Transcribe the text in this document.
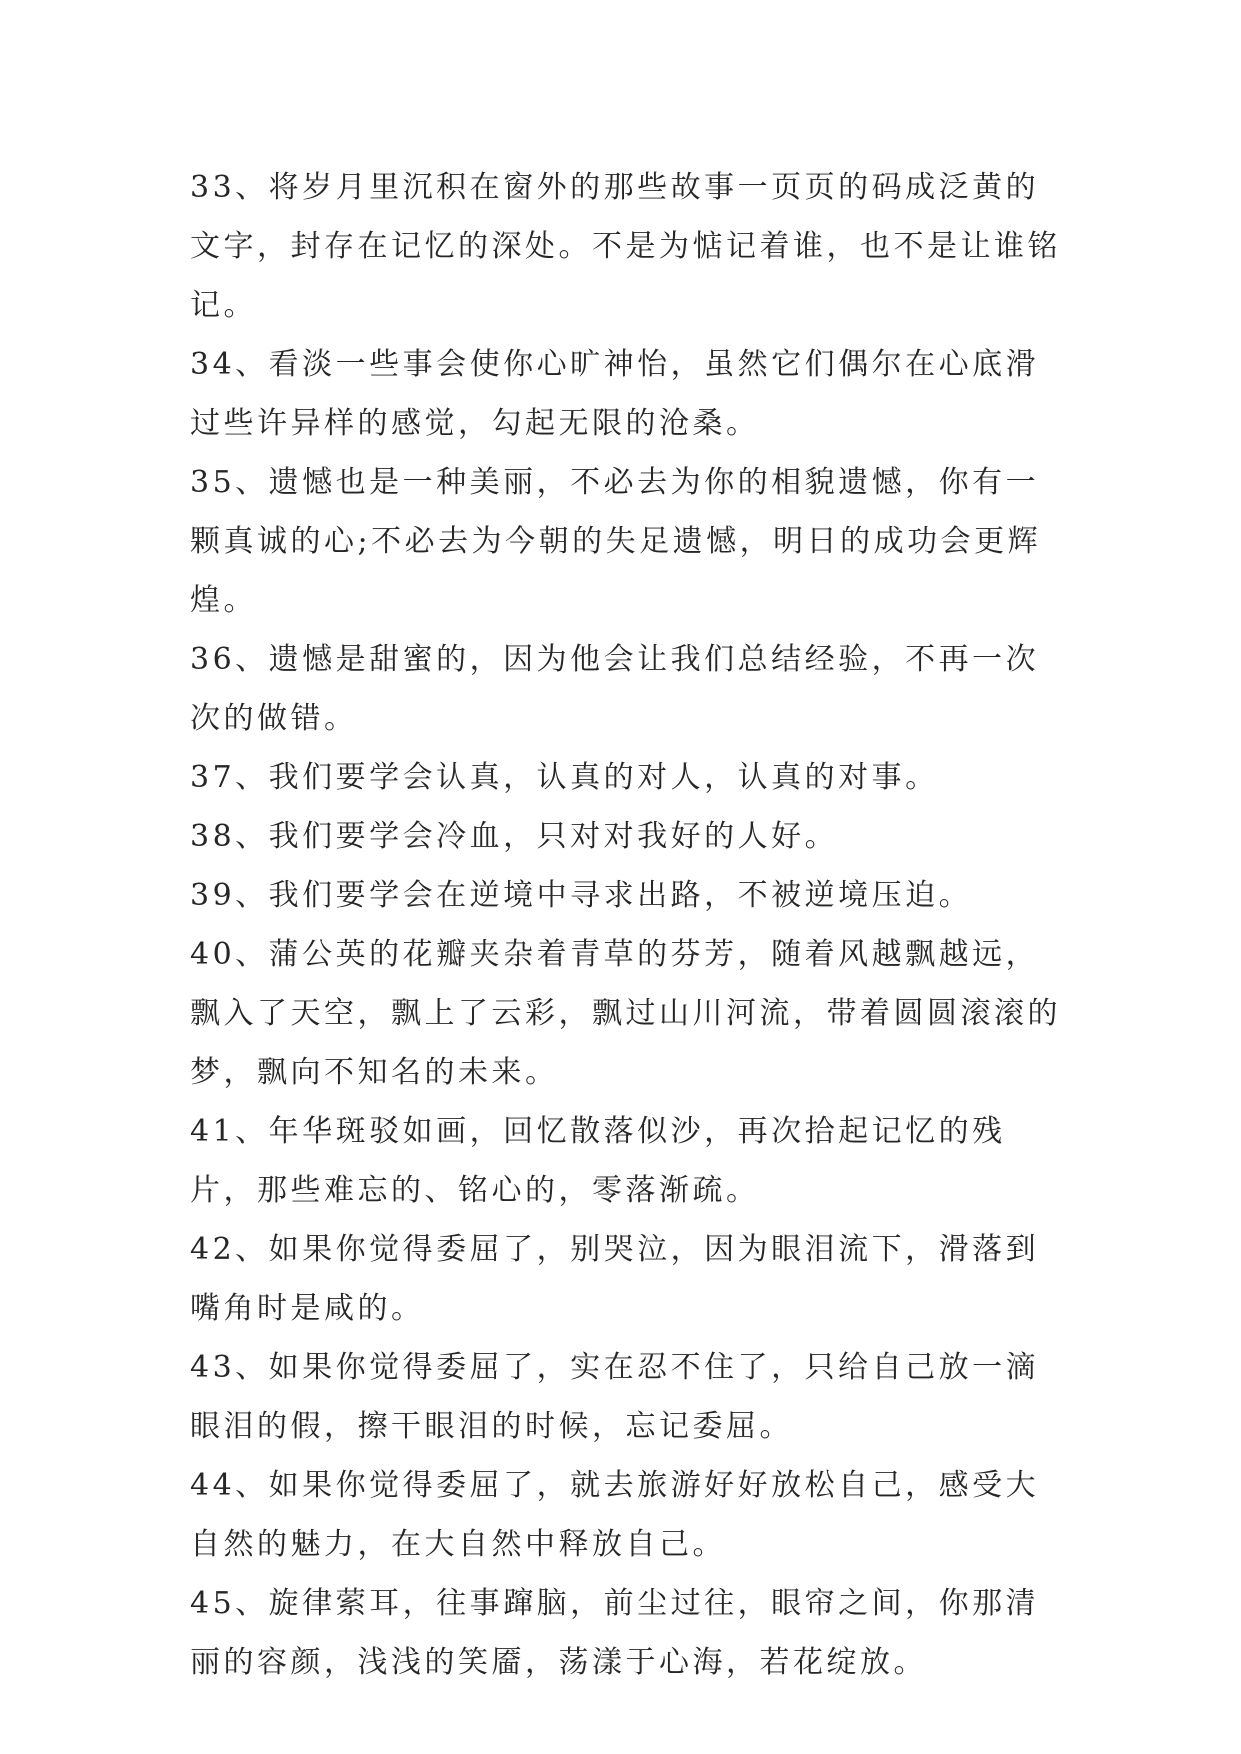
33、将岁月里沉积在窗外的那些故事一页页的码成泛黄的文字，封存在记忆的深处。不是为惦记着谁，也不是让谁铭记。

34、看淡一些事会使你心旷神怡，虽然它们偶尔在心底滑过些许异样的感觉，勾起无限的沧桑。

35、遗憾也是一种美丽，不必去为你的相貌遗憾，你有一颗真诚的心;不必去为今朝的失足遗憾，明日的成功会更辉煌。

36、遗憾是甜蜜的，因为他会让我们总结经验，不再一次次的做错。

37、我们要学会认真，认真的对人，认真的对事。

38、我们要学会冷血，只对对我好的人好。

39、我们要学会在逆境中寻求出路，不被逆境压迫。

40、蒲公英的花瓣夹杂着青草的芬芳，随着风越飘越远，飘入了天空，飘上了云彩，飘过山川河流，带着圆圆滚滚的梦，飘向不知名的未来。

41、年华斑驳如画，回忆散落似沙，再次拾起记忆的残片，那些难忘的、铭心的，零落渐疏。

42、如果你觉得委屈了，别哭泣，因为眼泪流下，滑落到嘴角时是咸的。

43、如果你觉得委屈了，实在忍不住了，只给自己放一滴眼泪的假，擦干眼泪的时候，忘记委屈。

44、如果你觉得委屈了，就去旅游好好放松自己，感受大自然的魅力，在大自然中释放自己。

45、旋律萦耳，往事蹿脑，前尘过往，眼帘之间，你那清丽的容颜，浅浅的笑靥，荡漾于心海，若花绽放。
